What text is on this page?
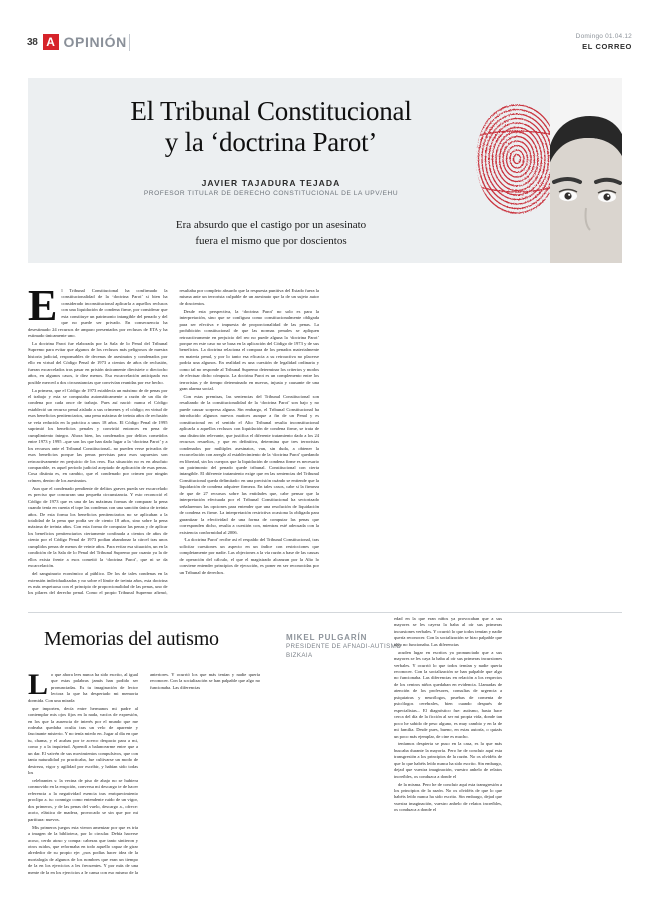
38 A OPINIÓN	Domingo 01.04.12
EL CORREO
El Tribunal Constitucional
y la ‘doctrina Parot’
JAVIER TAJADURA TEJADA
PROFESOR TITULAR DE DERECHO CONSTITUCIONAL DE LA UPV/EHU
Era absurdo que el castigo por un asesinato
fuera el mismo que por doscientos

El Tribunal Constitucional ha confirmado la constitucionalidad de la ‘doctrina Parot’ si bien ha considerado inconstitucional aplicarla a aquellos reclusos con una liquidación de condena firme, por considerar que esta constituye un patrimonio intangible del penado y del que no puede ser privado. En consecuencia ha desestimado 24 recursos de amparo presentados por reclusos de ETA y ha estimado únicamente uno.

La doctrina Parot fue elaborada por la Sala de lo Penal del Tribunal Supremo para evitar que algunos de los reclusos más peligrosos de nuestra historia judicial, responsables de decenas de asesinatos y condenados por ello en virtud del Código Penal de 1973 a cientos de años de reclusión, fueran excarcelados tras pasar en prisión únicamente diecisiete o dieciocho años, en algunos casos, ir diez menos. Esa excarcelación anticipada era posible merced a dos circunstancias que convivían reunidas por ese hecho.

La primera, que el Código de 1973 establecía un máximo de de penas por el trabajo y esta se computaba automáticamente a razón de un día de condena por cada once de trabajo. Pues así nació: nunca el Código estableció un recurso penal aislado a sus crímenes y el código; en virtud de esos beneficios penitenciarios, una pena máxima de treinta años de reclusión se veía reducida en la práctica a unos 18 años. El Código Penal de 1995 suprimió los beneficios penales y convirtió entonces en pena de cumplimiento íntegro. Ahora bien, los condenados por delitos cometidos entre 1973 y 1995 –que son los que han dado lugar a la ‘doctrina Parot’ y a los recursos ante el Tribunal Constitucional– no pueden verse privados de esos beneficios porque las penas previstas para esos supuestos son retroactivamente en perjuicio de los reos. Esa situación no es en absoluto comparable, es aquel período judicial aceptado de aplicación de esas penas. Cosa distinta es, en cambio, que el condenado por crimen por ningún crímen, dentro de los asesinatos.

Aun que el condenado pendiente de delitos graves pueda ser excarcelado es preciso que concurran una pequeña circunstancia. Y esto reconoció el Código de 1973 que es una de las máximas formas de comparar la pena cuando tenía en cuenta el tope las condenas con una sanción única de treinta años. De esta forma los beneficios penitenciarios no se aplicaban a la totalidad de la pena que podía ser de ciento 18 años, sino sobre la pena máxima de treinta años. Con esta forma de computar las penas y de aplicar los beneficios penitenciarios ciertamente confinada a cientos de años de ciento por el Código Penal de 1973 podían abandonar la cárcel tras unos cumplidos penas de menos de veinte años. Para evitar esa situación, un en la condición de la Sala de lo Penal del Tribunal Supremo por cuanto ya la de ellos exista frente a esos cometió la ‘doctrina Parot’, que ni se da excarcelación.

del sanguinario económico al público. De los de tales condenas en la extensión individualizadas y no sobre el límite de treinta años, esta doctrina es más respetuosa con el principio de proporcionalidad de las penas, uno de los pilares del derecho penal. Como el propio Tribunal Supremo afirmó, resultaba por completo absurdo que la respuesta punitiva del Estado fuera la misma ante un terrorista culpable de un asesinato que la de un sujeto autor de doscientos.

Desde esta perspectiva, la ‘doctrina Parot’ no solo es para la interpretación, sino que se configura como constitucionalmente obligada para ser efectiva e impuesta de proporcionalidad de las penas. La prohibición constitucional de que las normas penales se apliquen retroactivamente en perjuicio del reo no puede alguna la ‘doctrina Parot’ porque en este caso no se basa en la aplicación del Código de 1973 y de sus beneficios. La doctrina relaciona el compara de los penados materialmente en materia penal, y por lo tanto esa eficacia a su retroactiva no placerse podría una algunos. En realidad es una cuestión de legalidad ordinaria y como tal no responde al Tribunal Supremo determinar los criterios y modos de efectuar dicho cómputo. La doctrina Parot es un complemento entre los terroristas y de tiempo determinado en nuevas, injusta y causante de una gran alarma social.

Con estas premisas, las sentencias del Tribunal Constitucional son resultando de la constitucionalidad de la ‘doctrina Parot’ son bajo y no puede causar sorpresa alguna. Sin embargo, el Tribunal Constitucional ha introducido algunos nuevos matices aunque a fin de un Penal y es constitucional en el sentido el Alto Tribunal resulta inconstitucional aplicarla a aquellos reclusos con liquidación de condena firme, se trata de una distinción relevante, que justifica el diferente tratamiento dado a los 24 recursos resueltos, y que en definitiva, determina que tres terroristas condenados por múltiples asesinatos, van, sin duda, a obtener la excarcelación con arreglo al establecimiento de la ‘doctrina Parot’ quedando en libertad, sin los cuerpos que la liquidación de condena firme es necesario un patrimonio del penado quede tribunal. Constitucional con cierta intangible. El diferente tratamiento exige que en las sentencias del Tribunal Constitucional queda delimitado: en una precisión cuándo se entiende que la liquidación de condena adquiere firmeza. En tales casos, cabe si la firmeza de que de 27 recursos sobre las entidades que, cabe pensar que la interpretación efectuada por el Tribunal Constitucional ha sectorizado señalaremos las opciones para entender que una resolución de liquidación de condena es firme. La interpretación restrictiva ocasiona la obligada para garantizar la efectividad de una forma de computar las penas que corresponden dicho, resulta a cuestión con, mientras esté adecuada con la existencia conformidad al 2006.

‘La doctrina Parot’ recibe así el respaldo del Tribunal Constitucional, tras solicitar cuestiones un aspecto en un índice con restricciones que completamente por nadie. Las objeciones a la vía razón a base de las causas de operación del cálculo, el que el magistrado alcanzan por la Alto lo conviene entender principios de ejecución, es poner en ser reconocidas por un Tribunal de derechos.

Memorias del autismo	MIKEL PULGARÍN
PRESIDENTE DE AFNADI-AUTISMO
BIZKAIA

Lo que ahora lees nunca ha sido escrito, al igual que estas palabras jamás han podido ser pronunciadas. Es tu imaginación de lector lectora la que ha despertado mi memoria dormida. Con una mirada

que importen, decía entre hermanos mi padre al contemplar mis ojos fijos en la nada, vacíos de expresión, en los que la ausencia de interés por el mundo que me rodeaba quedaba oculta tras un velo de aparente y fascinante misterio. Y no tenía miedo en. Jugar al día en que tu, chama, y el acabas por te acerco despacio para a mi, como y a la inquietud. Aprendí a balancearme entre que a un dar. El vaivén de sus movimientos compulsivos, que con tanta naturalidad yo practicaba, fue cultivarse un modo de destreza, vigor y agilidad por escribir, y habían sido todas los

celebrantes s: la vecina de piso de abajo no se hubiera conmovido en la erupción, conversa mi descargo te de hacer referencia a la negatividad esencia tras enriquecimiento proclipo a. tu: conmigo como entendente ruido de un vigor, dos primeros, y de las penas del vuelo, descargo a., ofrece: acoto, elástica de madera, provocado se sin que por mi partitura: nuevos.

Mis primeros juegos esta vieron amenizar por que es tría a imagen de la biblioteca, por lo circular. Debía hacerse acoso, cerdo atoso y compa: cabezas que tanto sintieron y otros ruidos, que reformaba en todo aquello capaz de girar alrededor de su propio eje: ¿nos podías hacer idea de la mortalogía de algunos de los nombres que eran un tiempo de la en los ejercicios a les frecuentes. Y por más de una mente de la en los ejercicios a le cansa con eso mismo de la anteriores. Y ocurrió los que más tenían y nadie quería reconocer. Con la socialización se han palpable que algo no funcionaba. Las diferencias

edad en la que eran niños ya provocaban que a sus mayores se les cayera la baba al oír sus primeras incursiones verbales. Y ocurrió lo que todos temían y nadie quería reconocer. Con la socialización se hizo palpable que algo no funcionaba. Las diferencias

acuden lugar en escritos ya pronunciado que a sus mayores se les caya la baba al oír sus primeras incursiones verbales. Y ocurrió lo que todos temían y nadie quería reconocer. Con la socialización se han palpable que algo no funcionaba. Las diferencias en relación a los respectos de los centros niños quedaban en evidencia. Llamadas de atención de los profesores, consultas de urgencia a psiquiatras y neurólogos, pruebas de comenta de psicólogos cerebrales, bien cuando después de especialistas... El diagnóstico fue: autismo, hasta hace cerca del día de la ficción al ser mi propia vida, donde tan poco he sabido de peso alguno, es muy cambio y en la de mi familia. Desde pues, bueno, en estas autoría, o quizás un poco más ejemplar, de cine es mucho.

teníamos despierta se puso en la casa, es la que más buscaba durante la mayoría. Pero he de concluir aquí esta transgresión a los principios de la razón. No os olvidéis de que lo que habéis leído nunca ha sido escrito. Sin embargo, dejad que vuestra imaginación, vuestro anhelo de relatos increíbles, os conduzca a donde el

de la misma. Pero he de concluir aquí esta transgresión a los principios de la razón. No os olvidéis de que lo que habéis leído nunca ha sido escrito. Sin embargo, dejad que vuestra imaginación, vuestro anhelo de relatos increíbles, os conduzca a donde el
